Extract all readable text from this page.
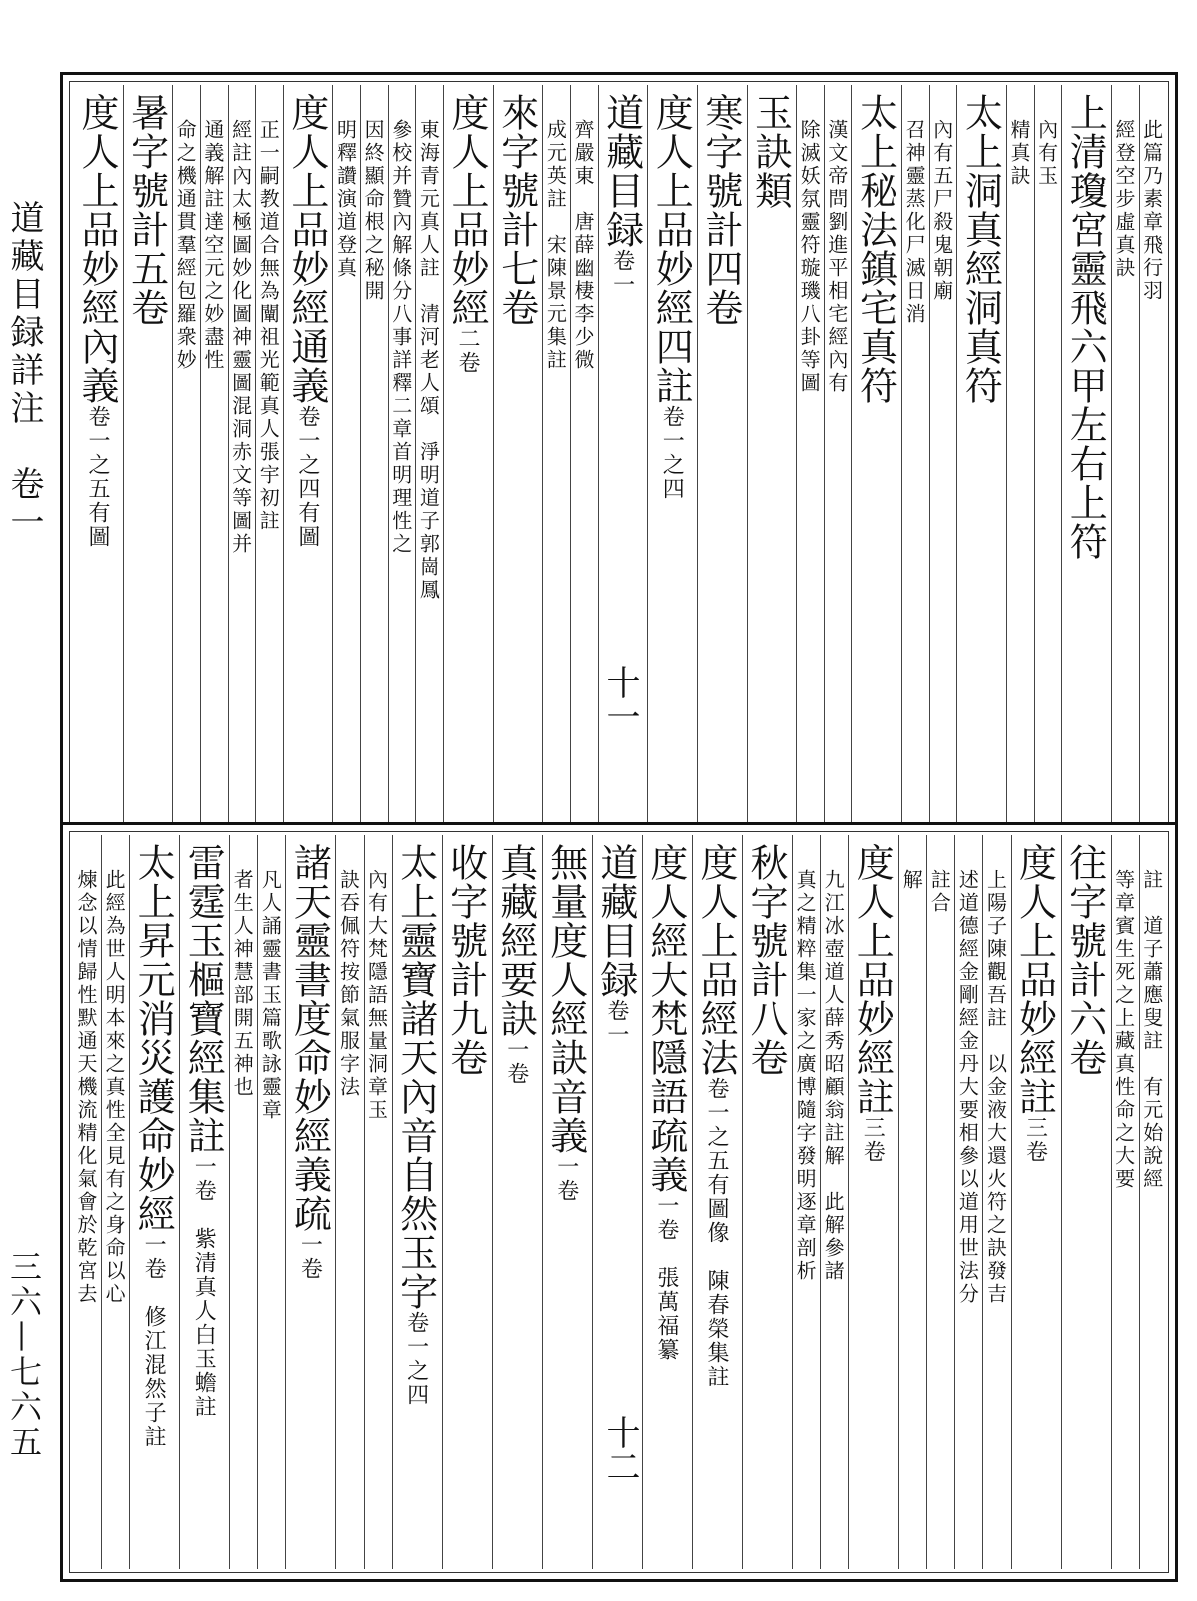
道藏目録詳注　卷一
三六—七六五
此篇乃素章飛行羽
經登空步虛真訣
上清瓊宮靈飛六甲左右上符
內有玉
精真訣
太上洞真經洞真符
內有五尸殺鬼朝廟
召神靈蒸化尸滅日消
太上秘法鎮宅真符
漢文帝問劉進平相宅經內有
除滅妖氛靈符璇璣八卦等圖
玉訣類
寒字號計四卷
度人上品妙經四註卷一之四
道藏目録卷一
齊嚴東　唐薛幽棲李少微
成元英註　宋陳景元集註
來字號計七卷
度人上品妙經二卷
東海青元真人註　清河老人頌　淨明道子郭崗鳳
參校并贊內解條分八事詳釋二章首明理性之
因終顯命根之秘開
明釋讚演道登真
度人上品妙經通義卷一之四有圖
正一嗣教道合無為闡祖光範真人張宇初註
經註內太極圖妙化圖神靈圖混洞赤文等圖并
通義解註達空元之妙盡性
命之機通貫羣經包羅衆妙
暑字號計五卷
度人上品妙經內義卷一之五有圖
十一
註　道子蕭應叟註　有元始說經
等章賓生死之上藏真性命之大要
往字號計六卷
度人上品妙經註三卷
上陽子陳觀吾註　以金液大還火符之訣發吉
述道德經金剛經金丹大要相參以道用世法分
註合
解
度人上品妙經註三卷
九江冰壺道人薛秀昭顧翁註解　此解參諸
真之精粹集一家之廣博隨字發明逐章剖析
秋字號計八卷
度人上品經法卷一之五有圖像　陳春榮集註
度人經大梵隱語疏義一卷　張萬福纂
道藏目録卷一
無量度人經訣音義一卷
真藏經要訣一卷
收字號計九卷
太上靈寶諸天內音自然玉字卷一之四
內有大梵隱語無量洞章玉
訣吞佩符按節氣服字法
諸天靈書度命妙經義疏一卷
凡人誦靈書玉篇歌詠靈章
者生人神慧部開五神也
雷霆玉樞寶經集註一卷　紫清真人白玉蟾註
太上昇元消災護命妙經一卷　修江混然子註
此經為世人明本來之真性全見有之身命以心
煉念以情歸性默通天機流精化氣會於乾宮去
十二
